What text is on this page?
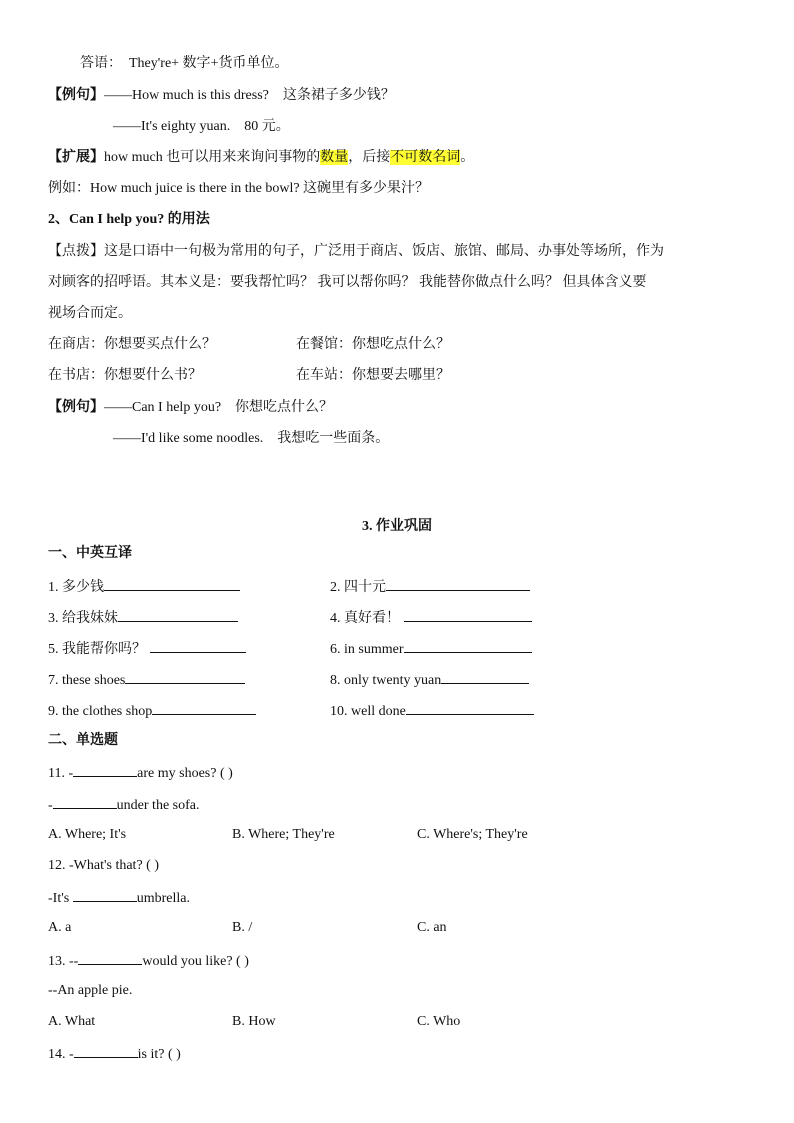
答语：　They're+ 数字+货币单位。
【例句】——How much is this dress?　这条裙子多少钱？
——It's eighty yuan.　80 元。
【扩展】how much 也可以用来来询问事物的数量，后接不可数名词。
例如：How much juice is there in the bowl? 这碗里有多少果汁？
2、Can I help you? 的用法
【点拨】这是口语中一句极为常用的句子，广泛用于商店、饭店、旅馆、邮局、办事处等场所，作为
对顾客的招呼语。其本义是：要我帮忙吗？ 我可以帮你吗？ 我能替你做点什么吗？ 但具体含义要
视场合而定。
在商店：你想要买点什么？	在餐馆：你想吃点什么？
在书店：你想要什么书？	在车站：你想要去哪里？
【例句】——Can I help you?　你想吃点什么？
——I'd like some noodles.　我想吃一些面条。
3. 作业巩固
一、中英互译
1. 多少钱	2. 四十元
3. 给我妹妹	4. 真好看！
5. 我能帮你吗？	6. in summer
7. these shoes	8. only twenty yuan
9. the clothes shop	10. well done
二、单选题
11. -	are my shoes? ( )
-	under the sofa.
A. Where; It's	B. Where; They're	C. Where's; They're
12. -What's that? ( )
-It's	umbrella.
A. a	B. /	C. an
13. --	would you like? ( )
--An apple pie.
A. What	B. How	C. Who
14. -	is it? ( )
